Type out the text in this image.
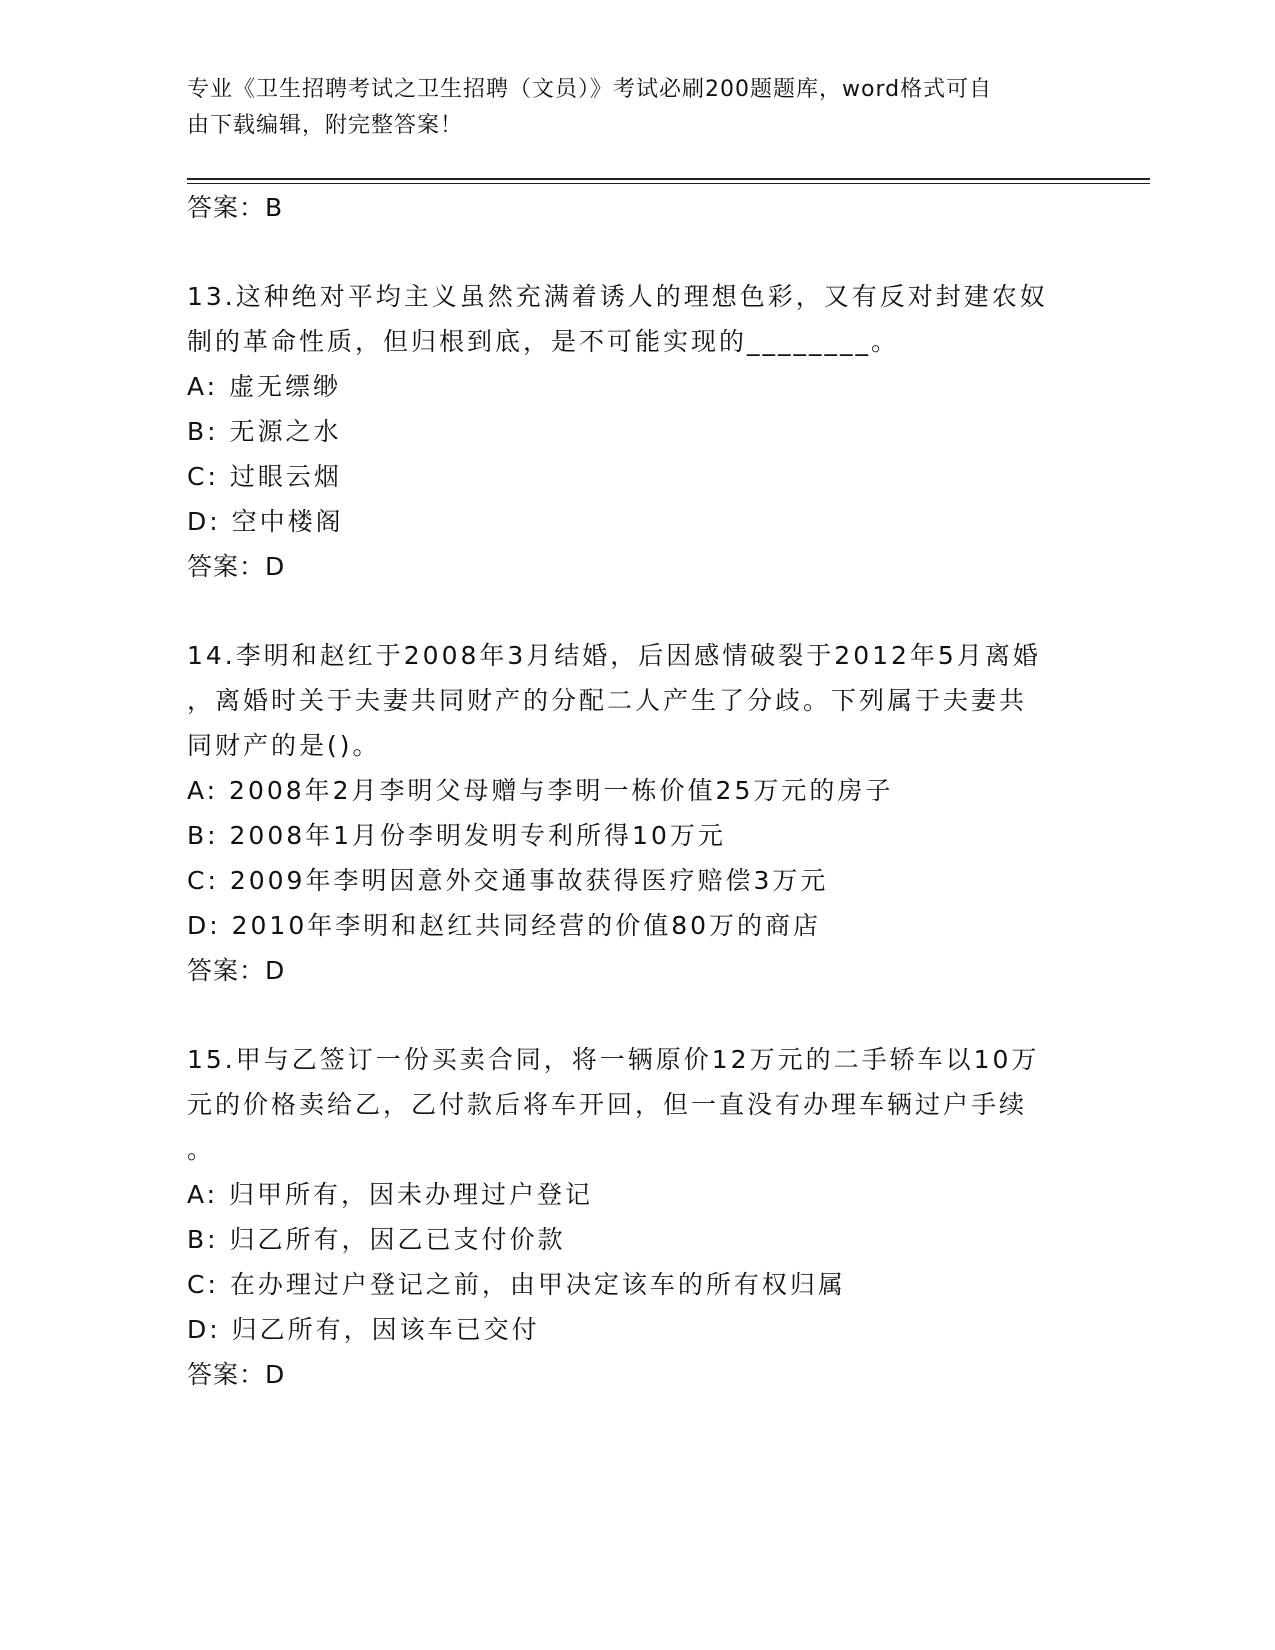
专业《卫生招聘考试之卫生招聘（文员）》考试必刷200题题库，word格式可自
由下载编辑，附完整答案！
答案：B
13.这种绝对平均主义虽然充满着诱人的理想色彩，又有反对封建农奴
制的革命性质，但归根到底，是不可能实现的________。
A: 虚无缥缈
B: 无源之水
C: 过眼云烟
D: 空中楼阁
答案：D
14.李明和赵红于2008年3月结婚，后因感情破裂于2012年5月离婚
，离婚时关于夫妻共同财产的分配二人产生了分歧。下列属于夫妻共
同财产的是()。
A: 2008年2月李明父母赠与李明一栋价值25万元的房子
B: 2008年1月份李明发明专利所得10万元
C: 2009年李明因意外交通事故获得医疗赔偿3万元
D: 2010年李明和赵红共同经营的价值80万的商店
答案：D
15.甲与乙签订一份买卖合同，将一辆原价12万元的二手轿车以10万
元的价格卖给乙，乙付款后将车开回，但一直没有办理车辆过户手续
。
A: 归甲所有，因未办理过户登记
B: 归乙所有，因乙已支付价款
C: 在办理过户登记之前，由甲决定该车的所有权归属
D: 归乙所有，因该车已交付
答案：D
